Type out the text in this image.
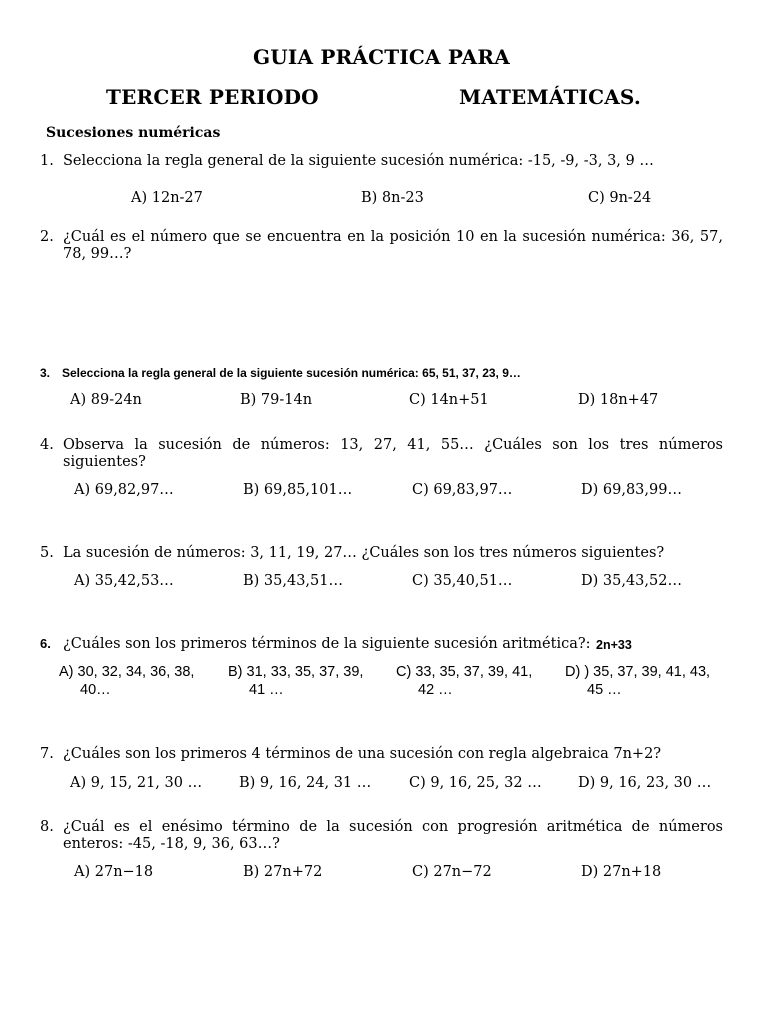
GUIA PRÁCTICA PARA
TERCER PERIODO	MATEMÁTICAS.
Sucesiones numéricas
1. Selecciona la regla general de la siguiente sucesión numérica: -15, -9, -3, 3, 9 …
A) 12n-27	B) 8n-23	C) 9n-24
2. ¿Cuál es el número que se encuentra en la posición 10 en la sucesión numérica: 36, 57,
78, 99…?
3. Selecciona la regla general de la siguiente sucesión numérica: 65, 51, 37, 23, 9…
A) 89-24n	B) 79-14n	C) 14n+51	D) 18n+47
4. Observa la sucesión de números: 13, 27, 41, 55… ¿Cuáles son los tres números
siguientes?
A) 69,82,97…	B) 69,85,101…	C) 69,83,97…	D) 69,83,99…
5. La sucesión de números: 3, 11, 19, 27… ¿Cuáles son los tres números siguientes?
A) 35,42,53…	B) 35,43,51…	C) 35,40,51…	D) 35,43,52…
6. ¿Cuáles son los primeros términos de la siguiente sucesión aritmética?: 2n+33
A) 30, 32, 34, 36, 38,
40…
B) 31, 33, 35, 37, 39,
41 …
C) 33, 35, 37, 39, 41,
42 …
D) ) 35, 37, 39, 41, 43,
45 …
7. ¿Cuáles son los primeros 4 términos de una sucesión con regla algebraica 7n+2?
A) 9, 15, 21, 30 …	B) 9, 16, 24, 31 …	C) 9, 16, 25, 32 …	D) 9, 16, 23, 30 …
8. ¿Cuál es el enésimo término de la sucesión con progresión aritmética de números
enteros: -45, -18, 9, 36, 63…?
A) 27n−18	B) 27n+72	C) 27n−72	D) 27n+18
